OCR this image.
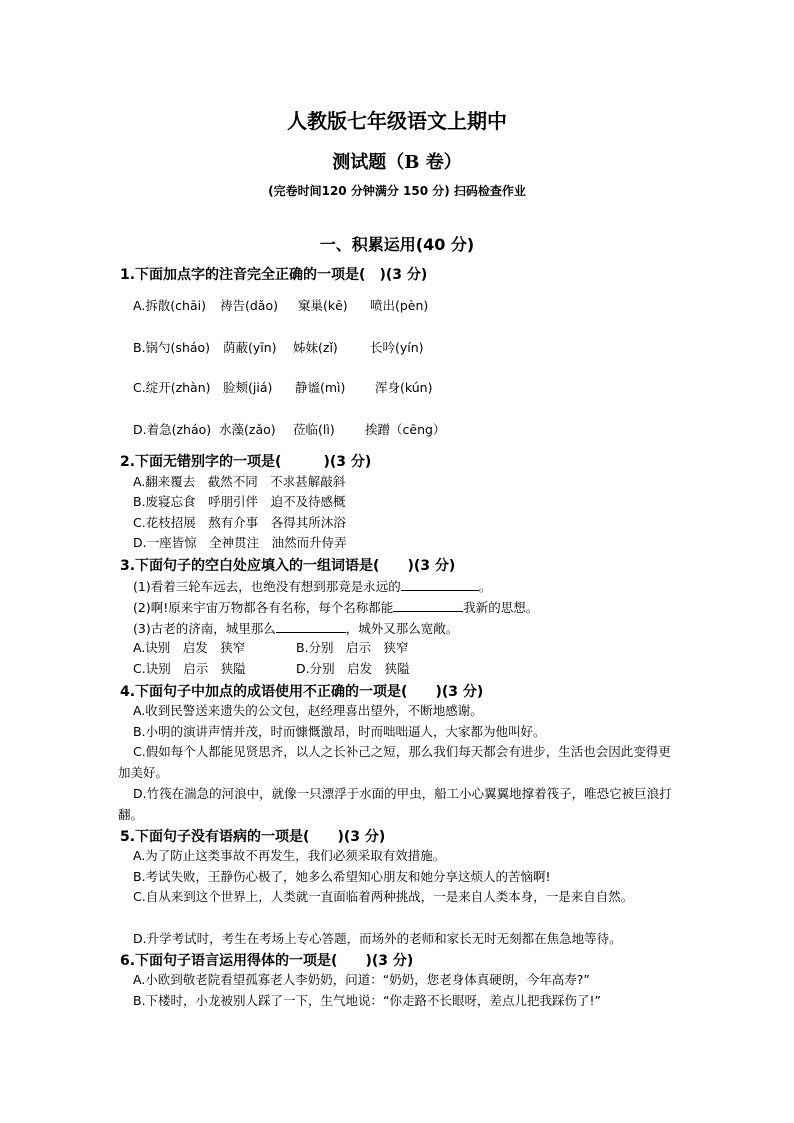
人教版七年级语文上期中
测试题（B 卷）
(完卷时间120 分钟满分 150 分) 扫码检查作业
一、积累运用(40 分)
1.下面加点字的注音完全正确的一项是(　)(3 分)
A.拆散(chāi) 祷告(dǎo) 窠巢(kē) 喷出(pèn)
B.锅勺(sháo) 荫蔽(yīn) 姊妹(zǐ)	长吟(yín)
C.绽开(zhàn) 脸颊(jiá) 静谧(mì) 浑身(kún)
D.着急(zháo) 水藻(zǎo) 莅临(lì) 挨蹭（cēng）
2.下面无错别字的一项是(　　　)(3 分)
A.翻来覆去　截然不同　不求甚解敲斜
B.废寝忘食　呼朋引伴　迫不及待感概
C.花枝招展　熬有介事　各得其所沐浴
D.一座皆惊　全神贯注　油然而升侍弄
3.下面句子的空白处应填入的一组词语是(　　)(3 分)
(1)看着三轮车远去，也绝没有想到那竟是永远的	。
(2)啊!原来宇宙万物都各有名称，每个名称都能	我新的思想。
(3)古老的济南，城里那么	，城外又那么宽敞。
A.诀别　启发　狭窄	B.分别　启示　狭窄
C.诀别　启示　狭隘	D.分别　启发　狭隘
4.下面句子中加点的成语使用不正确的一项是(　　)(3 分)
A.收到民警送来遗失的公文包，赵经理喜出望外，不断地感谢。
B.小明的演讲声情并茂，时而慷慨激昂，时而咄咄逼人，大家都为他叫好。
C.假如每个人都能见贤思齐，以人之长补己之短，那么我们每天都会有进步，生活也会因此变得更加美好。
D.竹筏在湍急的河浪中，就像一只漂浮于水面的甲虫，船工小心翼翼地撑着筏子，唯恐它被巨浪打翻。
5.下面句子没有语病的一项是(　　)(3 分)
A.为了防止这类事故不再发生，我们必须采取有效措施。
B.考试失败，王静伤心极了，她多么希望知心朋友和她分享这烦人的苦恼啊!
C.自从来到这个世界上，人类就一直面临着两种挑战，一是来自人类本身，一是来自自然。
D.升学考试时，考生在考场上专心答题，而场外的老师和家长无时无刻都在焦急地等待。
6.下面句子语言运用得体的一项是(　　)(3 分)
A.小欧到敬老院看望孤寡老人李奶奶，问道：“奶奶，您老身体真硬朗，今年高寿?”
B.下楼时，小龙被别人踩了一下，生气地说：“你走路不长眼呀，差点儿把我踩伤了!”
